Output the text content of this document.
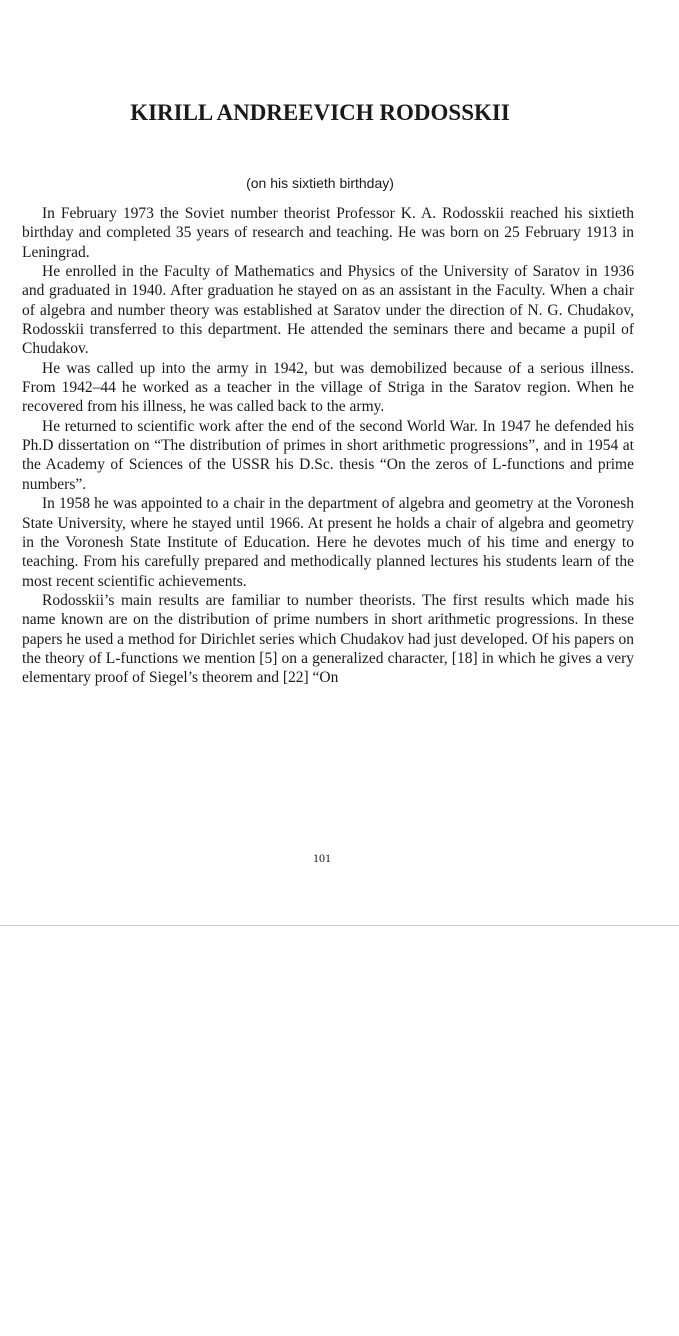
KIRILL ANDREEVICH RODOSSKII
(on his sixtieth birthday)

In February 1973 the Soviet number theorist Professor K. A. Rodosskii reached his sixtieth birthday and completed 35 years of research and teaching. He was born on 25 February 1913 in Leningrad.

He enrolled in the Faculty of Mathematics and Physics of the University of Saratov in 1936 and graduated in 1940. After graduation he stayed on as an assistant in the Faculty. When a chair of algebra and number theory was established at Saratov under the direction of N. G. Chudakov, Rodosskii transferred to this department. He attended the seminars there and became a pupil of Chudakov.

He was called up into the army in 1942, but was demobilized because of a serious illness. From 1942–44 he worked as a teacher in the village of Striga in the Saratov region. When he recovered from his illness, he was called back to the army.

He returned to scientific work after the end of the second World War. In 1947 he defended his Ph.D dissertation on “The distribution of primes in short arithmetic progressions”, and in 1954 at the Academy of Sciences of the USSR his D.Sc. thesis “On the zeros of L-functions and prime numbers”.

In 1958 he was appointed to a chair in the department of algebra and geometry at the Voronesh State University, where he stayed until 1966. At present he holds a chair of algebra and geometry in the Voronesh State Institute of Education. Here he devotes much of his time and energy to teaching. From his carefully prepared and methodically planned lectures his students learn of the most recent scientific achievements.

Rodosskii’s main results are familiar to number theorists. The first results which made his name known are on the distribution of prime numbers in short arithmetic progressions. In these papers he used a method for Dirichlet series which Chudakov had just developed. Of his papers on the theory of L-functions we mention [5] on a generalized character, [18] in which he gives a very elementary proof of Siegel’s theorem and [22] “On

101
